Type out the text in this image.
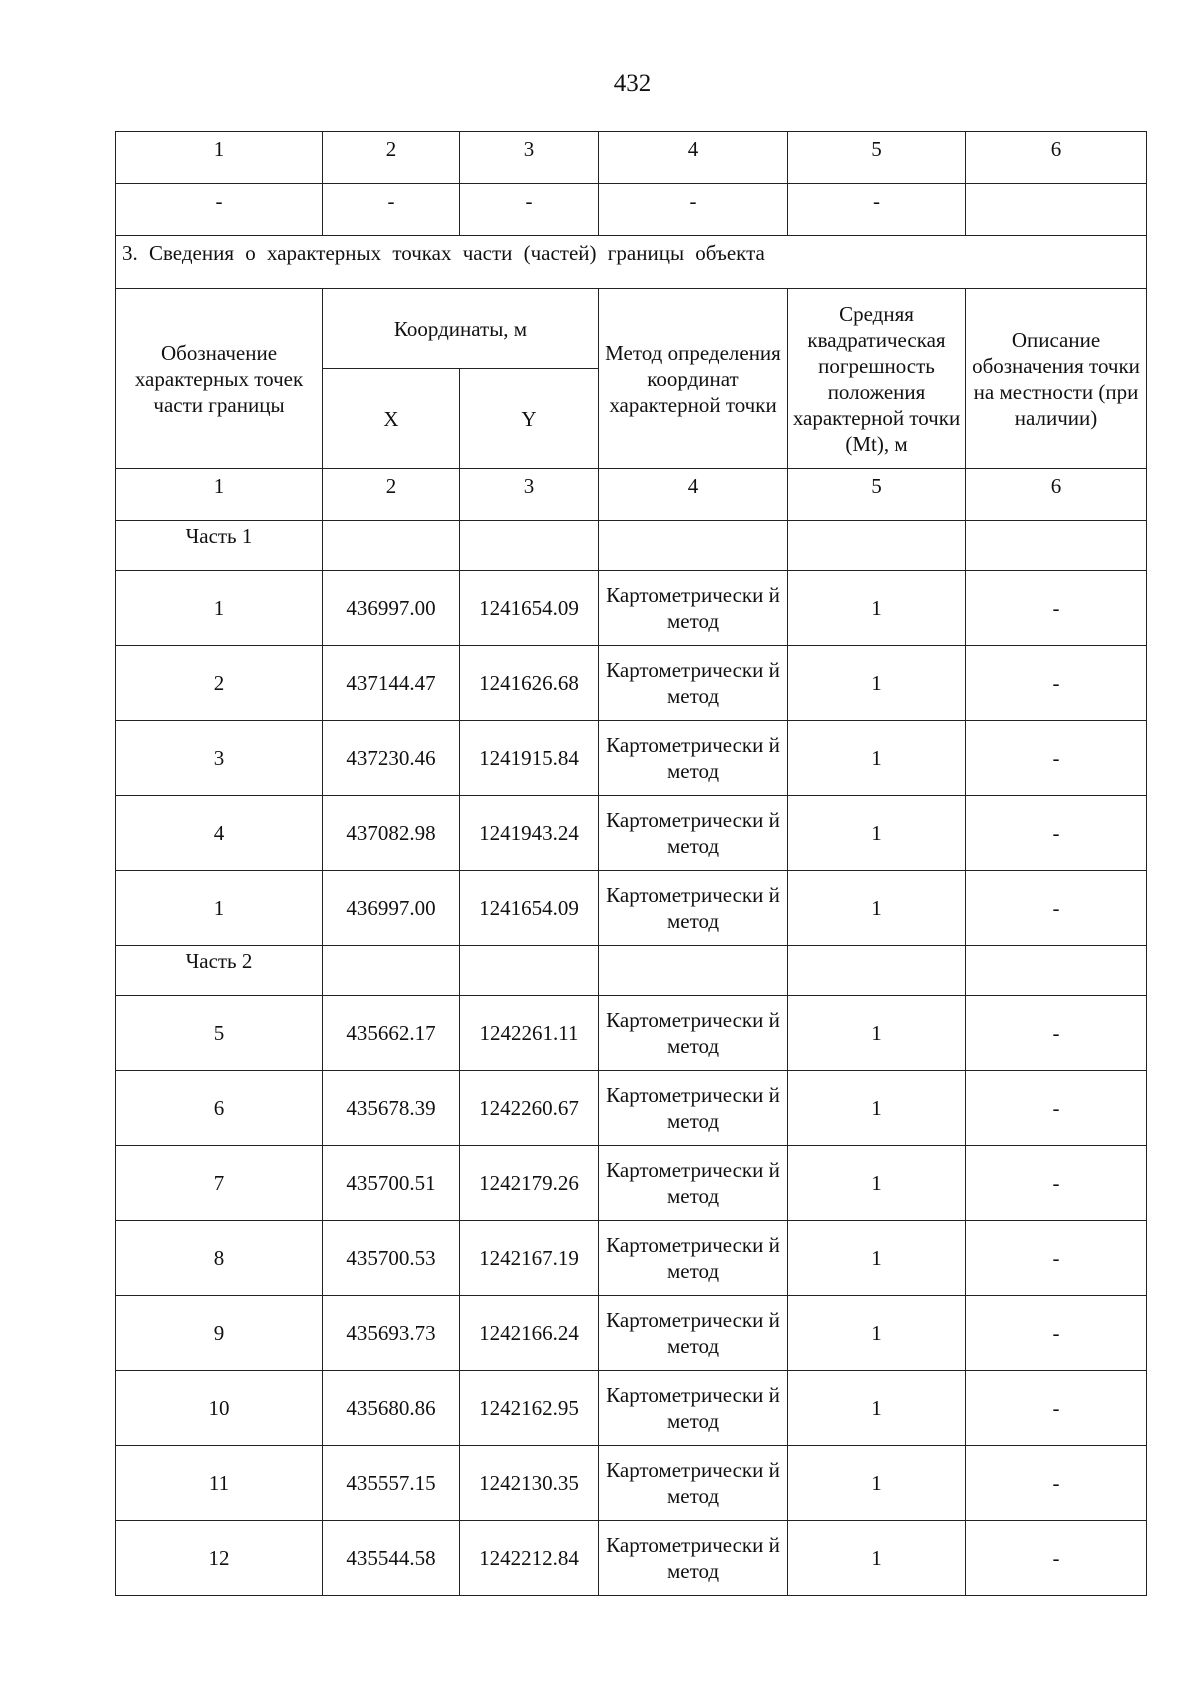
432
1	2	3	4	5	6
-	-	-	-	-	
3. Сведения о характерных точках части (частей) границы объекта					
Обозначение характерных точек части границы	Координаты, м		Метод определения координат характерной точки	Средняя квадратическая погрешность положения характерной точки (Mt), м	Описание обозначения точки на местности (при наличии)
	X	Y			
1	2	3	4	5	6
Часть 1					
1	436997.00	1241654.09	Картометрически й метод	1	-
2	437144.47	1241626.68	Картометрически й метод	1	-
3	437230.46	1241915.84	Картометрически й метод	1	-
4	437082.98	1241943.24	Картометрически й метод	1	-
1	436997.00	1241654.09	Картометрически й метод	1	-
Часть 2					
5	435662.17	1242261.11	Картометрически й метод	1	-
6	435678.39	1242260.67	Картометрически й метод	1	-
7	435700.51	1242179.26	Картометрически й метод	1	-
8	435700.53	1242167.19	Картометрически й метод	1	-
9	435693.73	1242166.24	Картометрически й метод	1	-
10	435680.86	1242162.95	Картометрически й метод	1	-
11	435557.15	1242130.35	Картометрически й метод	1	-
12	435544.58	1242212.84	Картометрически й метод	1	-
